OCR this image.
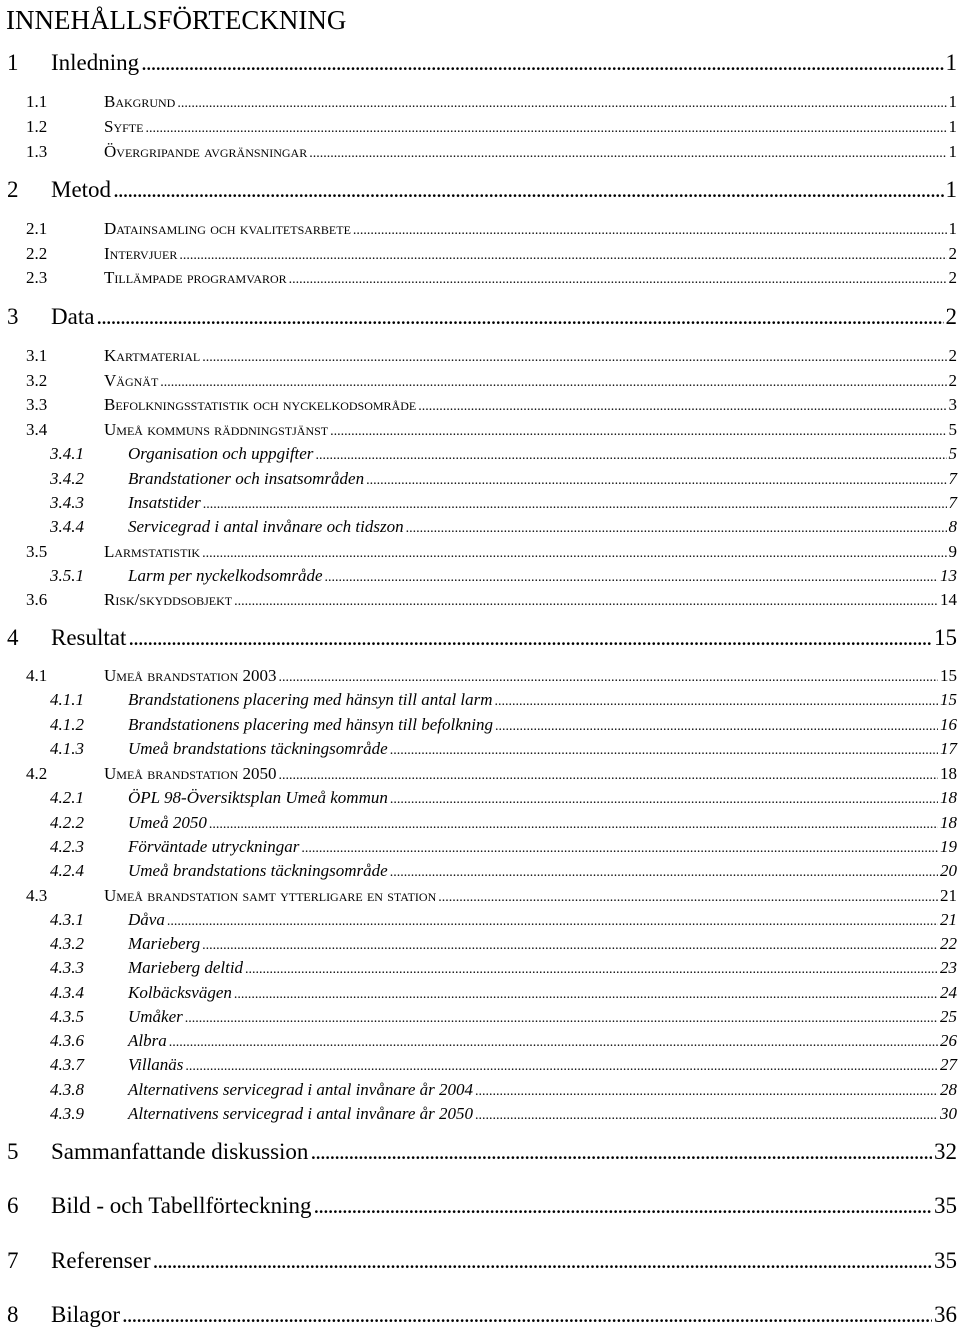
INNEHÅLLSFÖRTECKNING
1	Inledning .....	1
1.1	Bakgrund .....	1
1.2	Syfte .....	1
1.3	Övergripande avgränsningar .....	1
2	Metod .....	1
2.1	Datainsamling och kvalitetsarbete .....	1
2.2	Intervjuer .....	2
2.3	Tillämpade programvaror .....	2
3	Data .....	2
3.1	Kartmaterial .....	2
3.2	Vägnät .....	2
3.3	Befolkningsstatistik och nyckelkodsområde .....	3
3.4	Umeå kommuns räddningstjänst .....	5
3.4.1	Organisation och uppgifter .....	5
3.4.2	Brandstationer och insatsområden .....	7
3.4.3	Insatstider .....	7
3.4.4	Servicegrad i antal invånare och tidszon .....	8
3.5	Larmstatistik .....	9
3.5.1	Larm per nyckelkodsområde .....	13
3.6	Risk/skyddsobjekt .....	14
4	Resultat .....	15
4.1	Umeå brandstation 2003 .....	15
4.1.1	Brandstationens placering med hänsyn till antal larm .....	15
4.1.2	Brandstationens placering med hänsyn till befolkning .....	16
4.1.3	Umeå brandstations täckningsområde .....	17
4.2	Umeå brandstation 2050 .....	18
4.2.1	ÖPL 98-Översiktsplan Umeå kommun .....	18
4.2.2	Umeå 2050 .....	18
4.2.3	Förväntade utryckningar .....	19
4.2.4	Umeå brandstations täckningsområde .....	20
4.3	Umeå brandstation samt ytterligare en station .....	21
4.3.1	Dåva .....	21
4.3.2	Marieberg .....	22
4.3.3	Marieberg deltid .....	23
4.3.4	Kolbäcksvägen .....	24
4.3.5	Umåker .....	25
4.3.6	Albra .....	26
4.3.7	Villanäs .....	27
4.3.8	Alternativens servicegrad i antal invånare år 2004 .....	28
4.3.9	Alternativens servicegrad i antal invånare år 2050 .....	30
5	Sammanfattande diskussion .....	32
6	Bild - och Tabellförteckning .....	35
7	Referenser .....	35
8	Bilagor .....	36
